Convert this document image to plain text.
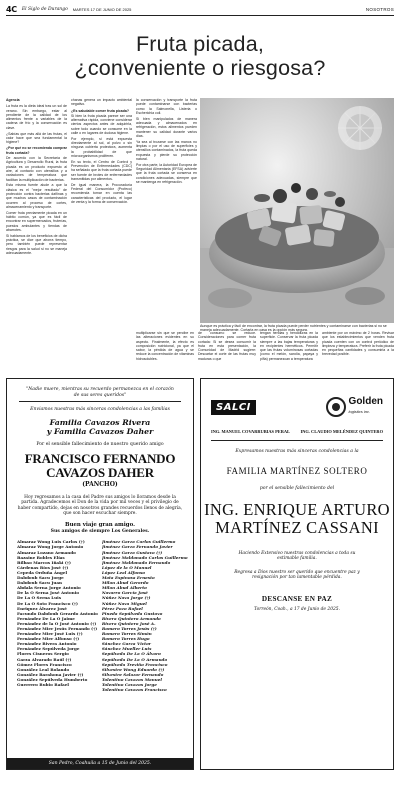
4C El Siglo de Durango MARTES 17 DE JUNIO DE 2025	NOSOTROS
Fruta picada,
¿conveniente o riesgosa?

Agencia

La fruta es la dieta ideal tras un sol de verano. Sin embargo, estar al pendiente de la calidad de los alimentos frente a variables de la cadena de frío y la conservación es clave.

¿Sabías que más allá de las frutas, el calor hace que sea fundamental la higiene?

¿Por qué no se recomienda comprar fruta cortada?

De acuerdo con la Secretaría de Agricultura y Desarrollo Rural, la fruta picada es un producto expuesto al aire, al contacto con utensilios y a variaciones de temperatura que facilitan la multiplicación de bacterias.

Esta misma fuente alude a que la clásica es el "mejor resultado" de protección contra bacterias dañinas y que muchos casos de contaminación ocurren al proceso de cortes, almacenamiento y transporte.

Comer fruta previamente picada en un hábito común, ya que es fácil de encontrar en supermercados, fruterías, puestos ambulantes y tiendas de abarrotes.

Si hablamos de los beneficios de dicha práctica, se dice que ahorra tiempo, pero también puede representar riesgos para la salud si no se maneja adecuadamente.

chanas genera un impacto ambiental negativo.

¿Es saludable comer fruta picada?

Si bien la fruta picada parece ser una alternativa rápida, conviene considerar ciertos aspectos antes de adquirirla, sobre todo cuando se consume en la calle o en lugares de dudosa higiene.

Por ejemplo, si está expuesta directamente al sol, al polvo o sin ninguna cubierta protectora, aumenta la probabilidad de que microorganismos proliferen.

En su texto, el Centro de Control y Prevención de Enfermedades (CDC) ha señalado que la fruta cortada puede ser fuente de brotes de enfermedades transmitidas por alimentos.

De igual manera, la Procuraduría Federal del Consumidor (Profeco) recomienda tomar en cuenta las características del producto, el lugar de venta y la forma de conservación.

la conservación y transporte la fruta puede contaminarse con bacterias como la Salmonella, Listeria o Escherichia coli.

Si bien manipulados de manera adecuada y almacenados en refrigeración, estos alimentos pueden mantener su calidad durante varios días.

Ya sea al trozarse con las manos no limpias o por el uso de superficies y utensilios contaminados, la fruta queda expuesta y pierde su protección natural.

Por otra parte, la Autoridad Europea de Seguridad Alimentaria (EFSA) advierte que la fruta cortada se conserva en condiciones adecuadas, siempre que se mantenga en refrigeración.

Aunque es práctica y fácil de encontrar, la fruta picada puede perder nutrientes y contaminarse con bacterias si no se maneja adecuadamente. Cortarla en casa es la opción más segura.
multiplicarse sin que se percibe en las alteraciones evidentes en su aspecto. Finalmente, la efecto es composición nutricional, ya que el sabor, la pérdida de agua y se reduce la concentración de vitaminas hidrosolubles.
de consumo se reduce. Consideraciones para comer fruta cortada: Si se desea consumir la fruta en esta presentación, la Comunidad de Madrid sugiere: Descartar el corte de las frutas muy maduras o que
tengan heridas y hendiduras en la superficie. Conservar la fruta picada siempre a las bajas temperaturas y en recipientes herméticos. Permitir que las frutas voluminosas cortadas (como el melón, sandía, papaya y piña) permanezcan a temperatura
ambiente por un máximo de 2 horas. Revisar que los establecimientos que venden fruta picada cuenten con un control periódico de limpieza y temperatura. Preferir la fruta picada en pequeñas cantidades y consumirla a la brevedad posible.
"Nadie muere, mientras su recuerdo permanezca en el corazón de sus seres queridos"
Enviamos nuestras más sinceras condolencias a las familias
Familia Cavazos Rivera
y Familia Cavazos Daher
Por el sensible fallecimiento de nuestro querido amigo
FRANCISCO FERNANDO
CAVAZOS DAHER
(PANCHO)
Hoy regresamos a la casa del Padre sus amigos lo lloramos desde la partida. Agradecemos el Don de la vida por mil veces y el privilegio de haber compartido, dejas en nosotros grandes recuerdos llenos de alegría, que son hacer escuchar siempre.
Buen viaje gran amigo.
Sus amigos de siempre Los Generales.
Almaraz Wong Luis Carlos (†)
Almaraz Wong Jorge Antonio
Almaraz Lozano Armando
Bazaine Robles Elías
Bilbao Marcos Iñaki (†)
Cárdenas Ríos José (†)
Cepeda Orduña Ángel
Dabdoub Sacu Jorge
Dabdoub Sacu Juan
Abdala Serna Jorge Antonio
De la O Serna José Antonio
De La O Serna Luis
De La O Soto Francisco (†)
Enriquez Álvarez José
Facundo Dabdoub Gerardo Antonio
Fernández De La O Jaime
Fernández de la O José Antonio (†)
Fernández Mier Jesús Fernando (†)
Fernández Mier José Luis (†)
Fernández Mier Alfonso (†)
Fernández Rivera Antonio
Fernández Sepúlveda Jorge
Flores Cisneros Sergio
Garza Alvarado Raúl (†)
Gómez Flores Francisco
González Leal Rolando
González Barahona Javier (†)
González Sepúlveda Humberto
Guerrero Rubio Rafael
Jiménez Garza Carlos Guillermo
Jiménez Garza Fernando Javier
Jiménez Garza Gustavo (†)
Jiménez Maldonado Carlos Guillermo
Jiménez Maldonado Fernando
López de la O Manuel
López Leal Alfonso
Mata Espinosa Ernesto
Milan Abud Gerardo
Milan Abud Alberto
Navarro García José
Núñez Nava Jorge (†)
Núñez Nava Miguel
Pérez Pozo Rafael
Pineda Sepúlveda Gustavo
Rivera Quintero Armando
Rivera Quintero José A.
Romero Torres Jesús (†)
Romero Torres Simón
Romero Torres Hugo
Sánchez Garza Víctor
Sánchez Mueller Luis
Sepúlveda De La O Álvaro
Sepúlveda De La O Armando
Sepúlveda Treviño Francisco
Silvestre Wong Eduardo (†)
Silvestre Salazar Fernando
Tolentino Cavazos Manuel
Tolentino Cavazos Jorge
Tolentino Cavazos Francisco
San Pedro, Coahuila a 15 de Junio del 2025.
SALCI	Golden
logistics inc.
ING. MANUEL COVARRUBIAS PERAL ING. CLAUDIO MELÉNDEZ QUINTERO
Expresamos nuestras más sinceras condolencias a la
FAMILIA MARTÍNEZ SOLTERO
por el sensible fallecimiento del
ING. ENRIQUE ARTURO
MARTÍNEZ CASSANI
Haciendo Extensivo nuestras condolencias a toda su estimable familia.
Regresa a Dios nuestro ser querido que encuentre paz y resignación por tan lamentable pérdida.
DESCANSE EN PAZ
Torreón, Coah., a 17 de Junio de 2025.
